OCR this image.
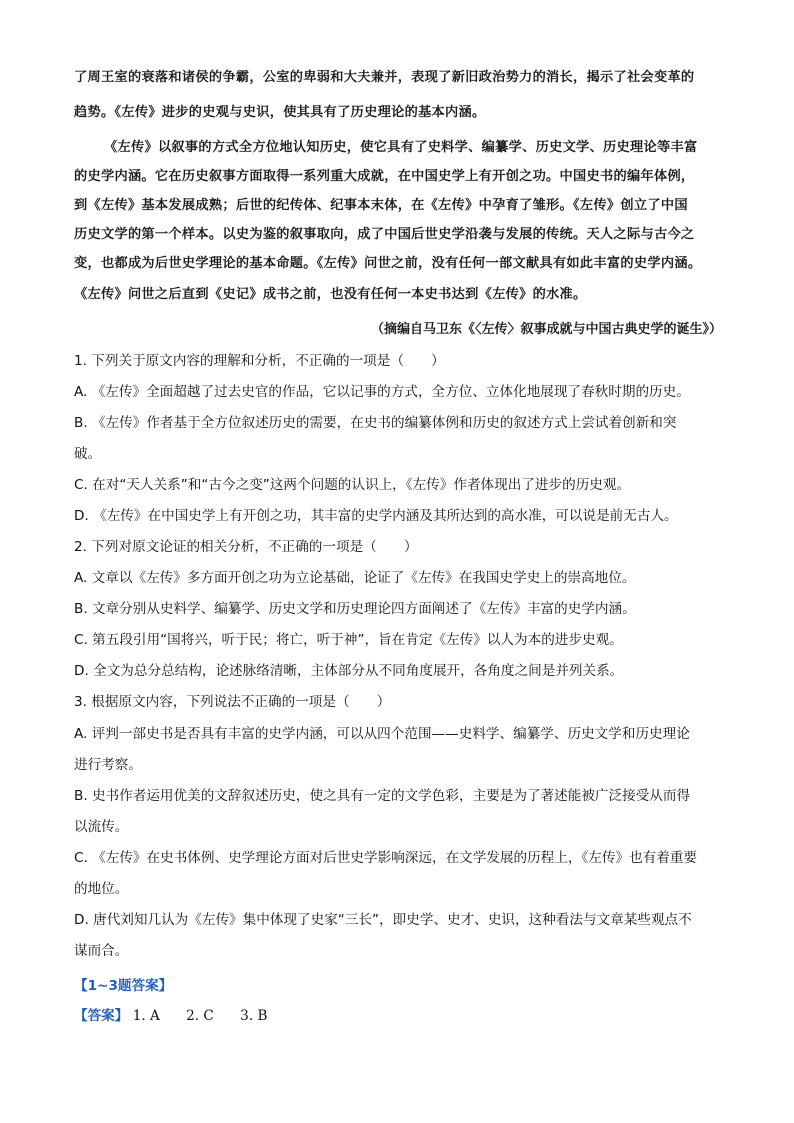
了周王室的衰落和诸侯的争霸，公室的卑弱和大夫兼并，表现了新旧政治势力的消长，揭示了社会变革的
趋势。《左传》进步的史观与史识，使其具有了历史理论的基本内涵。
《左传》以叙事的方式全方位地认知历史，使它具有了史料学、编纂学、历史文学、历史理论等丰富
的史学内涵。它在历史叙事方面取得一系列重大成就，在中国史学上有开创之功。中国史书的编年体例，
到《左传》基本发展成熟；后世的纪传体、纪事本末体，在《左传》中孕育了雏形。《左传》创立了中国
历史文学的第一个样本。以史为鉴的叙事取向，成了中国后世史学沿袭与发展的传统。天人之际与古今之
变，也都成为后世史学理论的基本命题。《左传》问世之前，没有任何一部文献具有如此丰富的史学内涵。
《左传》问世之后直到《史记》成书之前，也没有任何一本史书达到《左传》的水准。
（摘编自马卫东《〈左传〉叙事成就与中国古典史学的诞生》）
1. 下列关于原文内容的理解和分析，不正确的一项是（　　）
A. 《左传》全面超越了过去史官的作品，它以记事的方式，全方位、立体化地展现了春秋时期的历史。
B. 《左传》作者基于全方位叙述历史的需要，在史书的编纂体例和历史的叙述方式上尝试着创新和突
破。
C. 在对“天人关系”和“古今之变”这两个问题的认识上，《左传》作者体现出了进步的历史观。
D. 《左传》在中国史学上有开创之功，其丰富的史学内涵及其所达到的高水准，可以说是前无古人。
2. 下列对原文论证的相关分析，不正确的一项是（　　）
A. 文章以《左传》多方面开创之功为立论基础，论证了《左传》在我国史学史上的崇高地位。
B. 文章分别从史料学、编纂学、历史文学和历史理论四方面阐述了《左传》丰富的史学内涵。
C. 第五段引用“国将兴，听于民；将亡，听于神”，旨在肯定《左传》以人为本的进步史观。
D. 全文为总分总结构，论述脉络清晰，主体部分从不同角度展开，各角度之间是并列关系。
3. 根据原文内容，下列说法不正确的一项是（　　）
A. 评判一部史书是否具有丰富的史学内涵，可以从四个范围——史料学、编纂学、历史文学和历史理论
进行考察。
B. 史书作者运用优美的文辞叙述历史，使之具有一定的文学色彩，主要是为了著述能被广泛接受从而得
以流传。
C. 《左传》在史书体例、史学理论方面对后世史学影响深远，在文学发展的历程上，《左传》也有着重要
的地位。
D. 唐代刘知几认为《左传》集中体现了史家“三长”，即史学、史才、史识，这种看法与文章某些观点不
谋而合。
【1~3题答案】
【答案】 1. A 2. C 3. B
